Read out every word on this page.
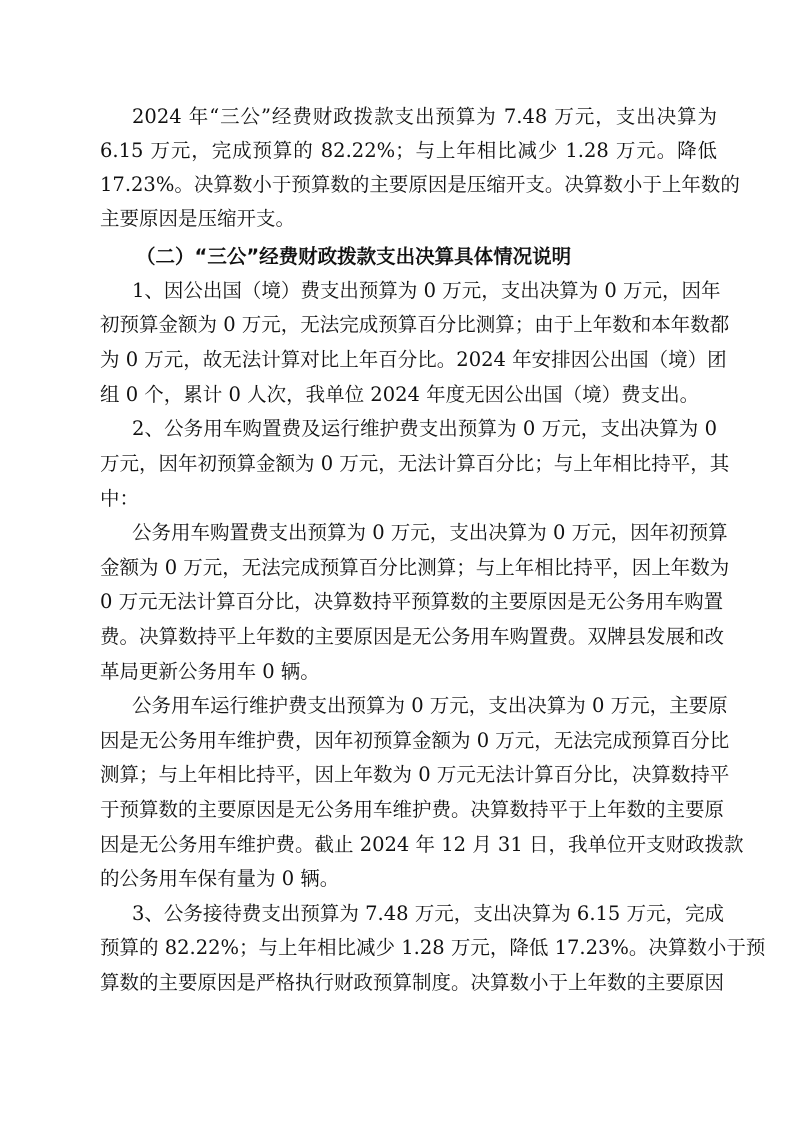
2024 年“三公”经费财政拨款支出预算为 7.48 万元，支出决算为
6.15 万元，完成预算的 82.22%；与上年相比减少 1.28 万元。降低
17.23%。决算数小于预算数的主要原因是压缩开支。决算数小于上年数的
主要原因是压缩开支。
（二）“三公”经费财政拨款支出决算具体情况说明
1、因公出国（境）费支出预算为 0 万元，支出决算为 0 万元，因年
初预算金额为 0 万元，无法完成预算百分比测算；由于上年数和本年数都
为 0 万元，故无法计算对比上年百分比。2024 年安排因公出国（境）团
组 0 个，累计 0 人次，我单位 2024 年度无因公出国（境）费支出。
2、公务用车购置费及运行维护费支出预算为 0 万元，支出决算为 0
万元，因年初预算金额为 0 万元，无法计算百分比；与上年相比持平，其
中：
公务用车购置费支出预算为 0 万元，支出决算为 0 万元，因年初预算
金额为 0 万元，无法完成预算百分比测算；与上年相比持平，因上年数为
0 万元无法计算百分比，决算数持平预算数的主要原因是无公务用车购置
费。决算数持平上年数的主要原因是无公务用车购置费。双牌县发展和改
革局更新公务用车 0 辆。
公务用车运行维护费支出预算为 0 万元，支出决算为 0 万元，主要原
因是无公务用车维护费，因年初预算金额为 0 万元，无法完成预算百分比
测算；与上年相比持平，因上年数为 0 万元无法计算百分比，决算数持平
于预算数的主要原因是无公务用车维护费。决算数持平于上年数的主要原
因是无公务用车维护费。截止 2024 年 12 月 31 日，我单位开支财政拨款
的公务用车保有量为 0 辆。
3、公务接待费支出预算为 7.48 万元，支出决算为 6.15 万元，完成
预算的 82.22%；与上年相比减少 1.28 万元，降低 17.23%。决算数小于预
算数的主要原因是严格执行财政预算制度。决算数小于上年数的主要原因
